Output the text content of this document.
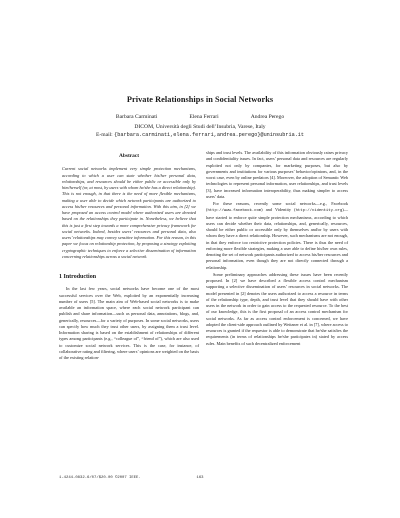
Private Relationships in Social Networks
Barbara Carminati	Elena Ferrari	Andrea Perego
DICOM, Università degli Studi dell’Insubria, Varese, Italy
E-mail: {barbara.carminati,elena.ferrari,andrea.perego}@uninsubria.it
Abstract

Current social networks implement very simple protection mechanisms, according to which a user can state whether his/her personal data, relationships, and resources should be either public or accessible only by him/herself (or, at most, by users with whom he/she has a direct relationship). This is not enough, in that there is the need of more flexible mechanisms, making a user able to decide which network participants are authorized to access his/her resources and personal information. With this aim, in [2] we have proposed an access control model where authorized users are denoted based on the relationships they participate in. Nonetheless, we believe that this is just a first step towards a more comprehensive privacy framework for social networks. Indeed, besides users’ resources and personal data, also users’ relationships may convey sensitive information. For this reason, in this paper we focus on relationship protection, by proposing a strategy exploiting cryptographic techniques to enforce a selective dissemination of information concerning relationships across a social network.

1 Introduction

In the last few years, social networks have become one of the most successful services over the Web, exploited by an exponentially increasing number of users [5]. The main aim of Web-based social networks is to make available an information space, where each social network participant can publish and share information—such as personal data, annotations, blogs, and, generically, resources—for a variety of purposes. In some social networks, users can specify how much they trust other users, by assigning them a trust level. Information sharing is based on the establishment of relationships of different types among participants (e.g., “colleague of”, “friend of”), which are also used to customize social network services. This is the case, for instance, of collaborative rating and filtering, where users’ opinions are weighted on the basis of the existing relation-

ships and trust levels. The availability of this information obviously raises privacy and confidentiality issues. In fact, users’ personal data and resources are regularly exploited not only by companies, for marketing purposes, but also by governments and institutions for various purposes’ behavior/opinions, and, in the worst case, even by online predators [4]. Moreover, the adoption of Semantic Web technologies to represent personal information, user relationships, and trust levels [3], have increased information interoperability, thus making simpler to access users’ data.

For these reasons, recently some social networks—e.g., Facebook (http://www.facebook.com) and Videntity (http://videntity.org)—have started to enforce quite simple protection mechanisms, according to which users can decide whether their data, relationships, and, generically, resources, should be either public or accessible only by themselves and/or by users with whom they have a direct relationship. However, such mechanisms are not enough, in that they enforce too restrictive protection policies. There is thus the need of enforcing more flexible strategies, making a user able to define his/her own rules, denoting the set of network participants authorized to access his/her resources and personal information, even though they are not directly connected through a relationship.

Some preliminary approaches addressing these issues have been recently proposed. In [2] we have described a flexible access control mechanism supporting a selective dissemination of users’ resources in social networks. The model presented in [2] denotes the users authorized to access a resource in terms of the relationship type, depth, and trust level that they should have with other users in the network in order to gain access to the requested resource. To the best of our knowledge, this is the first proposal of an access control mechanism for social networks. As far as access control enforcement is concerned, we have adopted the client-side approach outlined by Weitzner et al. in [7], where access to resources is granted if the requestor is able to demonstrate that he/she satisfies the requirements (in terms of relationships he/she participates in) stated by access rules. Main benefits of such decentralized enforcement

1-4244-0832-6/07/$20.00 ©2007 IEEE.	163
